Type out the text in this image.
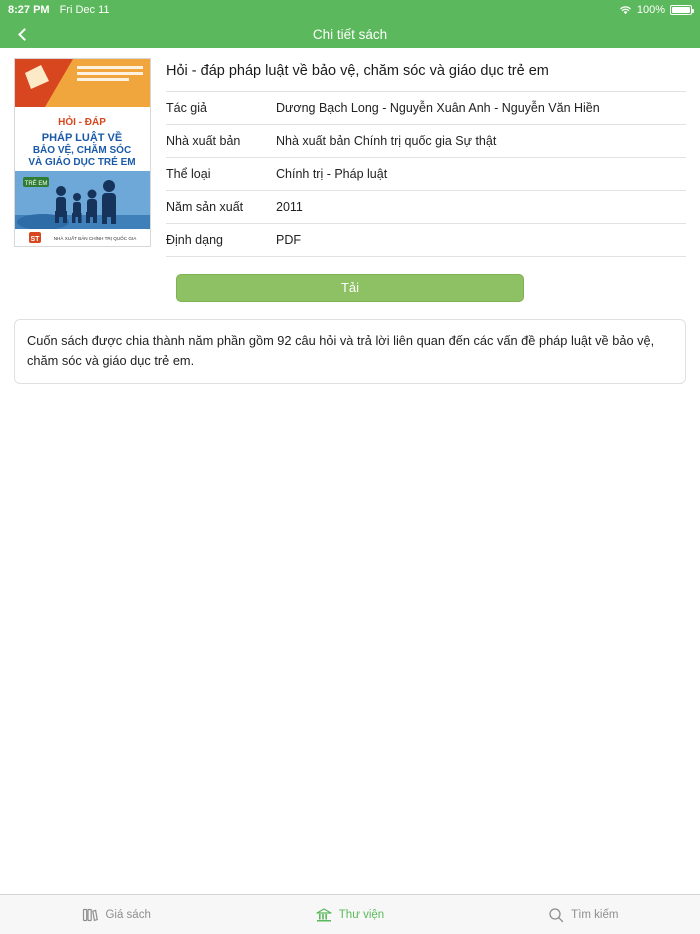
8:27 PM Fri Dec 11	100%
Chi tiết sách
HỎI - ĐÁP
PHÁP LUẬT VỀ
BẢO VỆ, CHĂM SÓC
VÀ GIÁO DỤC TRẺ EM
TRẺ EM
ST	NHÀ XUẤT BẢN CHÍNH TRỊ QUỐC GIA
Hỏi - đáp pháp luật về bảo vệ, chăm sóc và giáo dục trẻ em
Tác giả	Dương Bạch Long - Nguyễn Xuân Anh - Nguyễn Văn Hiền
Nhà xuất bản	Nhà xuất bản Chính trị quốc gia Sự thật
Thể loại	Chính trị - Pháp luật
Năm sản xuất	2011
Định dạng	PDF
Tải
Cuốn sách được chia thành năm phần gồm 92 câu hỏi và trả lời liên quan đến các vấn đề pháp luật về bảo vệ, chăm sóc và giáo dục trẻ em.
Giá sách	Thư viện	Tìm kiếm
